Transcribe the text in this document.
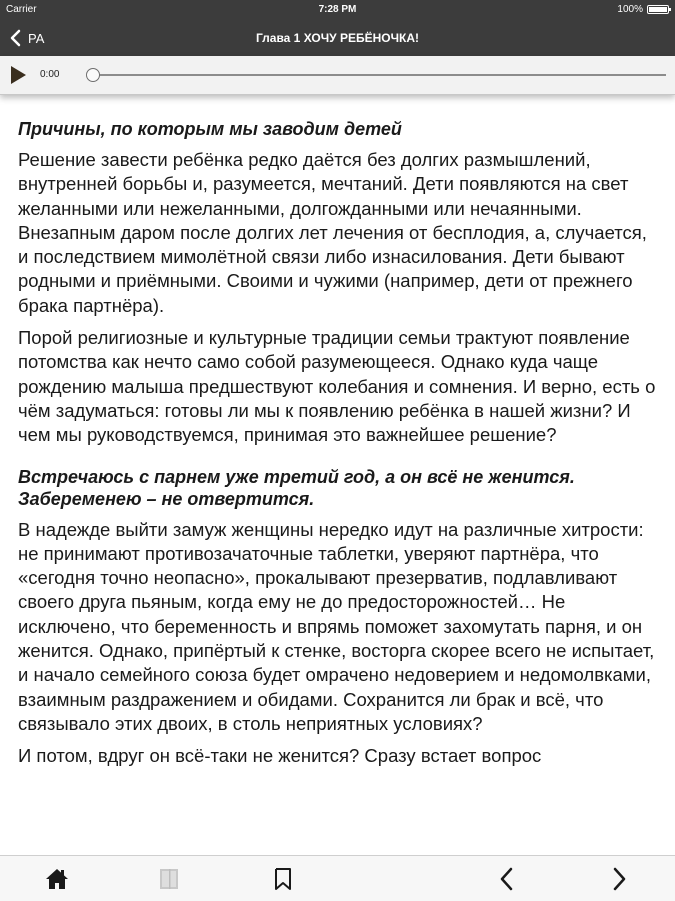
Carrier	7:28 PM	100%
РА	Глава 1 ХОЧУ РЕБЁНОЧКА!
0:00
Причины, по которым мы заводим детей

Решение завести ребёнка редко даётся без долгих размышлений, внутренней борьбы и, разумеется, мечтаний. Дети появляются на свет желанными или нежеланными, долгожданными или нечаянными. Внезапным даром после долгих лет лечения от бесплодия, а, случается, и последствием мимолётной связи либо изнасилования. Дети бывают родными и приёмными. Своими и чужими (например, дети от прежнего брака партнёра).

Порой религиозные и культурные традиции семьи трактуют появление потомства как нечто само собой разумеющееся. Однако куда чаще рождению малыша предшествуют колебания и сомнения. И верно, есть о чём задуматься: готовы ли мы к появлению ребёнка в нашей жизни? И чем мы руководствуемся, принимая это важнейшее решение?

Встречаюсь с парнем уже третий год, а он всё не женится. Забеременею – не отвертится.

В надежде выйти замуж женщины нередко идут на различные хитрости: не принимают противозачаточные таблетки, уверяют партнёра, что «сегодня точно неопасно», прокалывают презерватив, подлавливают своего друга пьяным, когда ему не до предосторожностей… Не исключено, что беременность и впрямь поможет захомутать парня, и он женится. Однако, припёртый к стенке, восторга скорее всего не испытает, и начало семейного союза будет омрачено недоверием и недомолвками, взаимным раздражением и обидами. Сохранится ли брак и всё, что связывало этих двоих, в столь неприятных условиях?

И потом, вдруг он всё-таки не женится? Сразу встает вопрос
